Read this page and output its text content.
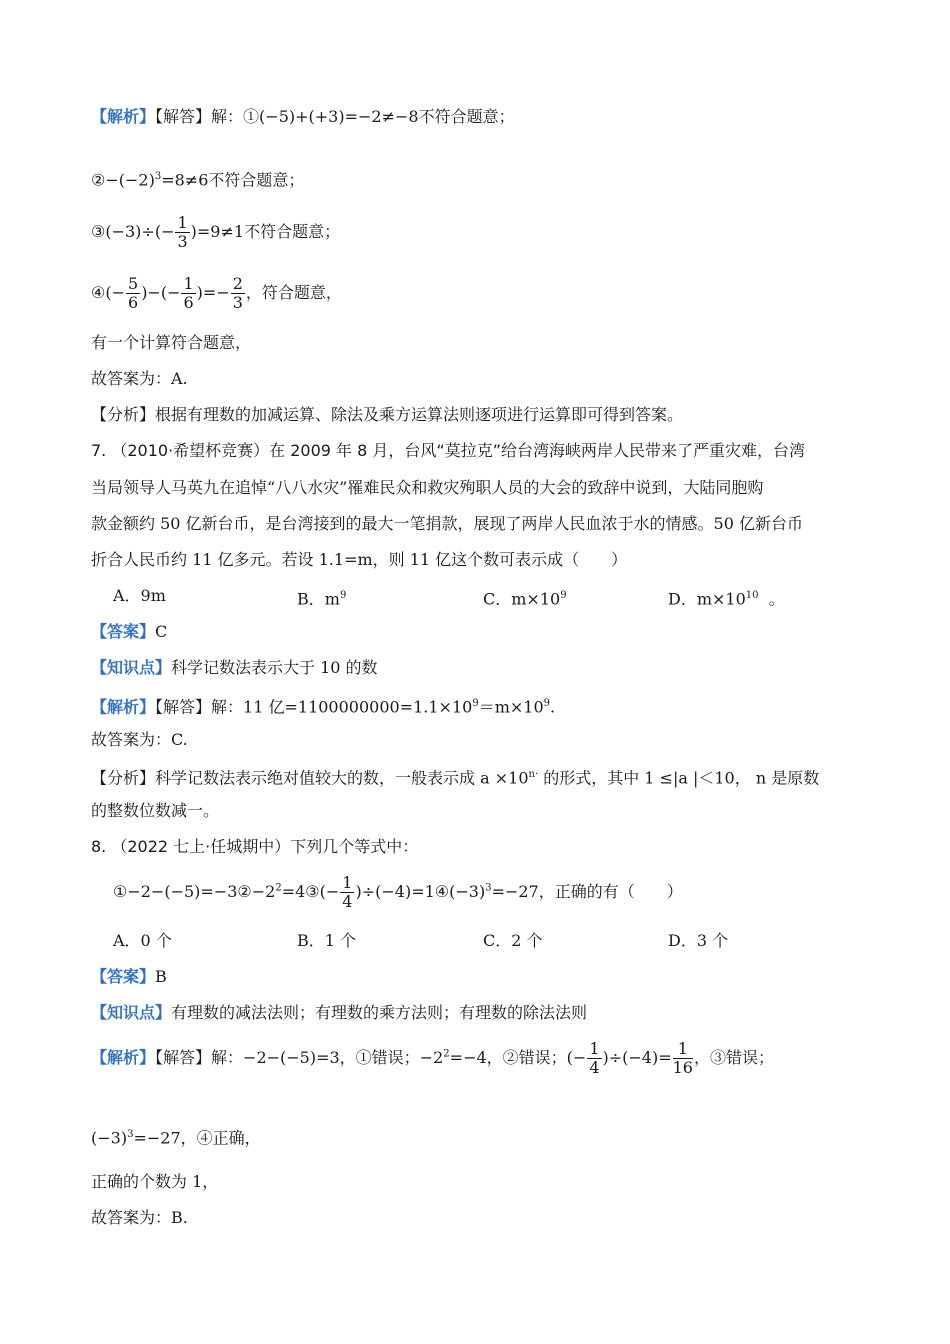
【解析】【解答】解：①(−5)+(+3)=−2≠−8不符合题意；
$②-(-2)^3=8\ne 6$不符合题意；
③(−3)÷(− $\frac{1}{3} )=9\ne 1$不符合题意；
④(− $\frac{5}{6}$ )−(− $\frac{1}{6}$ )=− $\frac{2}{3}$ ，符合题意，
有一个计算符合题意，
故答案为：A.
【分析】根据有理数的加减运算、除法及乘方运算法则逐项进行运算即可得到答案。
7. （2010·希望杯竞赛）在 2009 年 8 月，台风“莫拉克”给台湾海峡两岸人民带来了严重灾难，台湾
当局领导人马英九在追悼“八八水灾”罹难民众和救灾殉职人员的大会的致辞中说到，大陆同胞购
款金额约 50 亿新台币，是台湾接到的最大一笔捐款，展现了两岸人民血浓于水的情感。50 亿新台币
折合人民币约 11 亿多元。若设 1.1=m，则 11 亿这个数可表示成（　　）
A．9m	B．$m^9$	C．$m\times 10^9$	D．$m\times 10^{10}$ 。
【答案】C
【知识点】科学记数法表示大于 10 的数
【解析】【解答】解：11 亿$=1100000000=1.1\times 10^9=m\times 10^9$.
故答案为：C.
【分析】科学记数法表示绝对值较大的数，一般表示成 $a \times 10^{n\cdot}$ 的形式，其中 1 ≤|a |＜10， n 是原数
的整数位数减一。
8. （2022 七上·任城期中）下列几个等式中：
$①-2-(-5)=-3②-2^2=4③(- \frac{1}{4}$ )$\div(-4)=1④(-3)^3=-27$，正确的有（　　）
A．0 个	B．1 个	C．2 个	D．3 个
【答案】B
【知识点】有理数的减法法则；有理数的乘方法则；有理数的除法法则
【解析】【解答】解：−2−(−5)=3，①错误；$-2^2=-4$，②错误；(− $\frac{1}{4} )\div(-4)= \frac{1}{16}$ ，③错误；
$(-3)^3=-27$，④正确，
正确的个数为 1，
故答案为：B.
